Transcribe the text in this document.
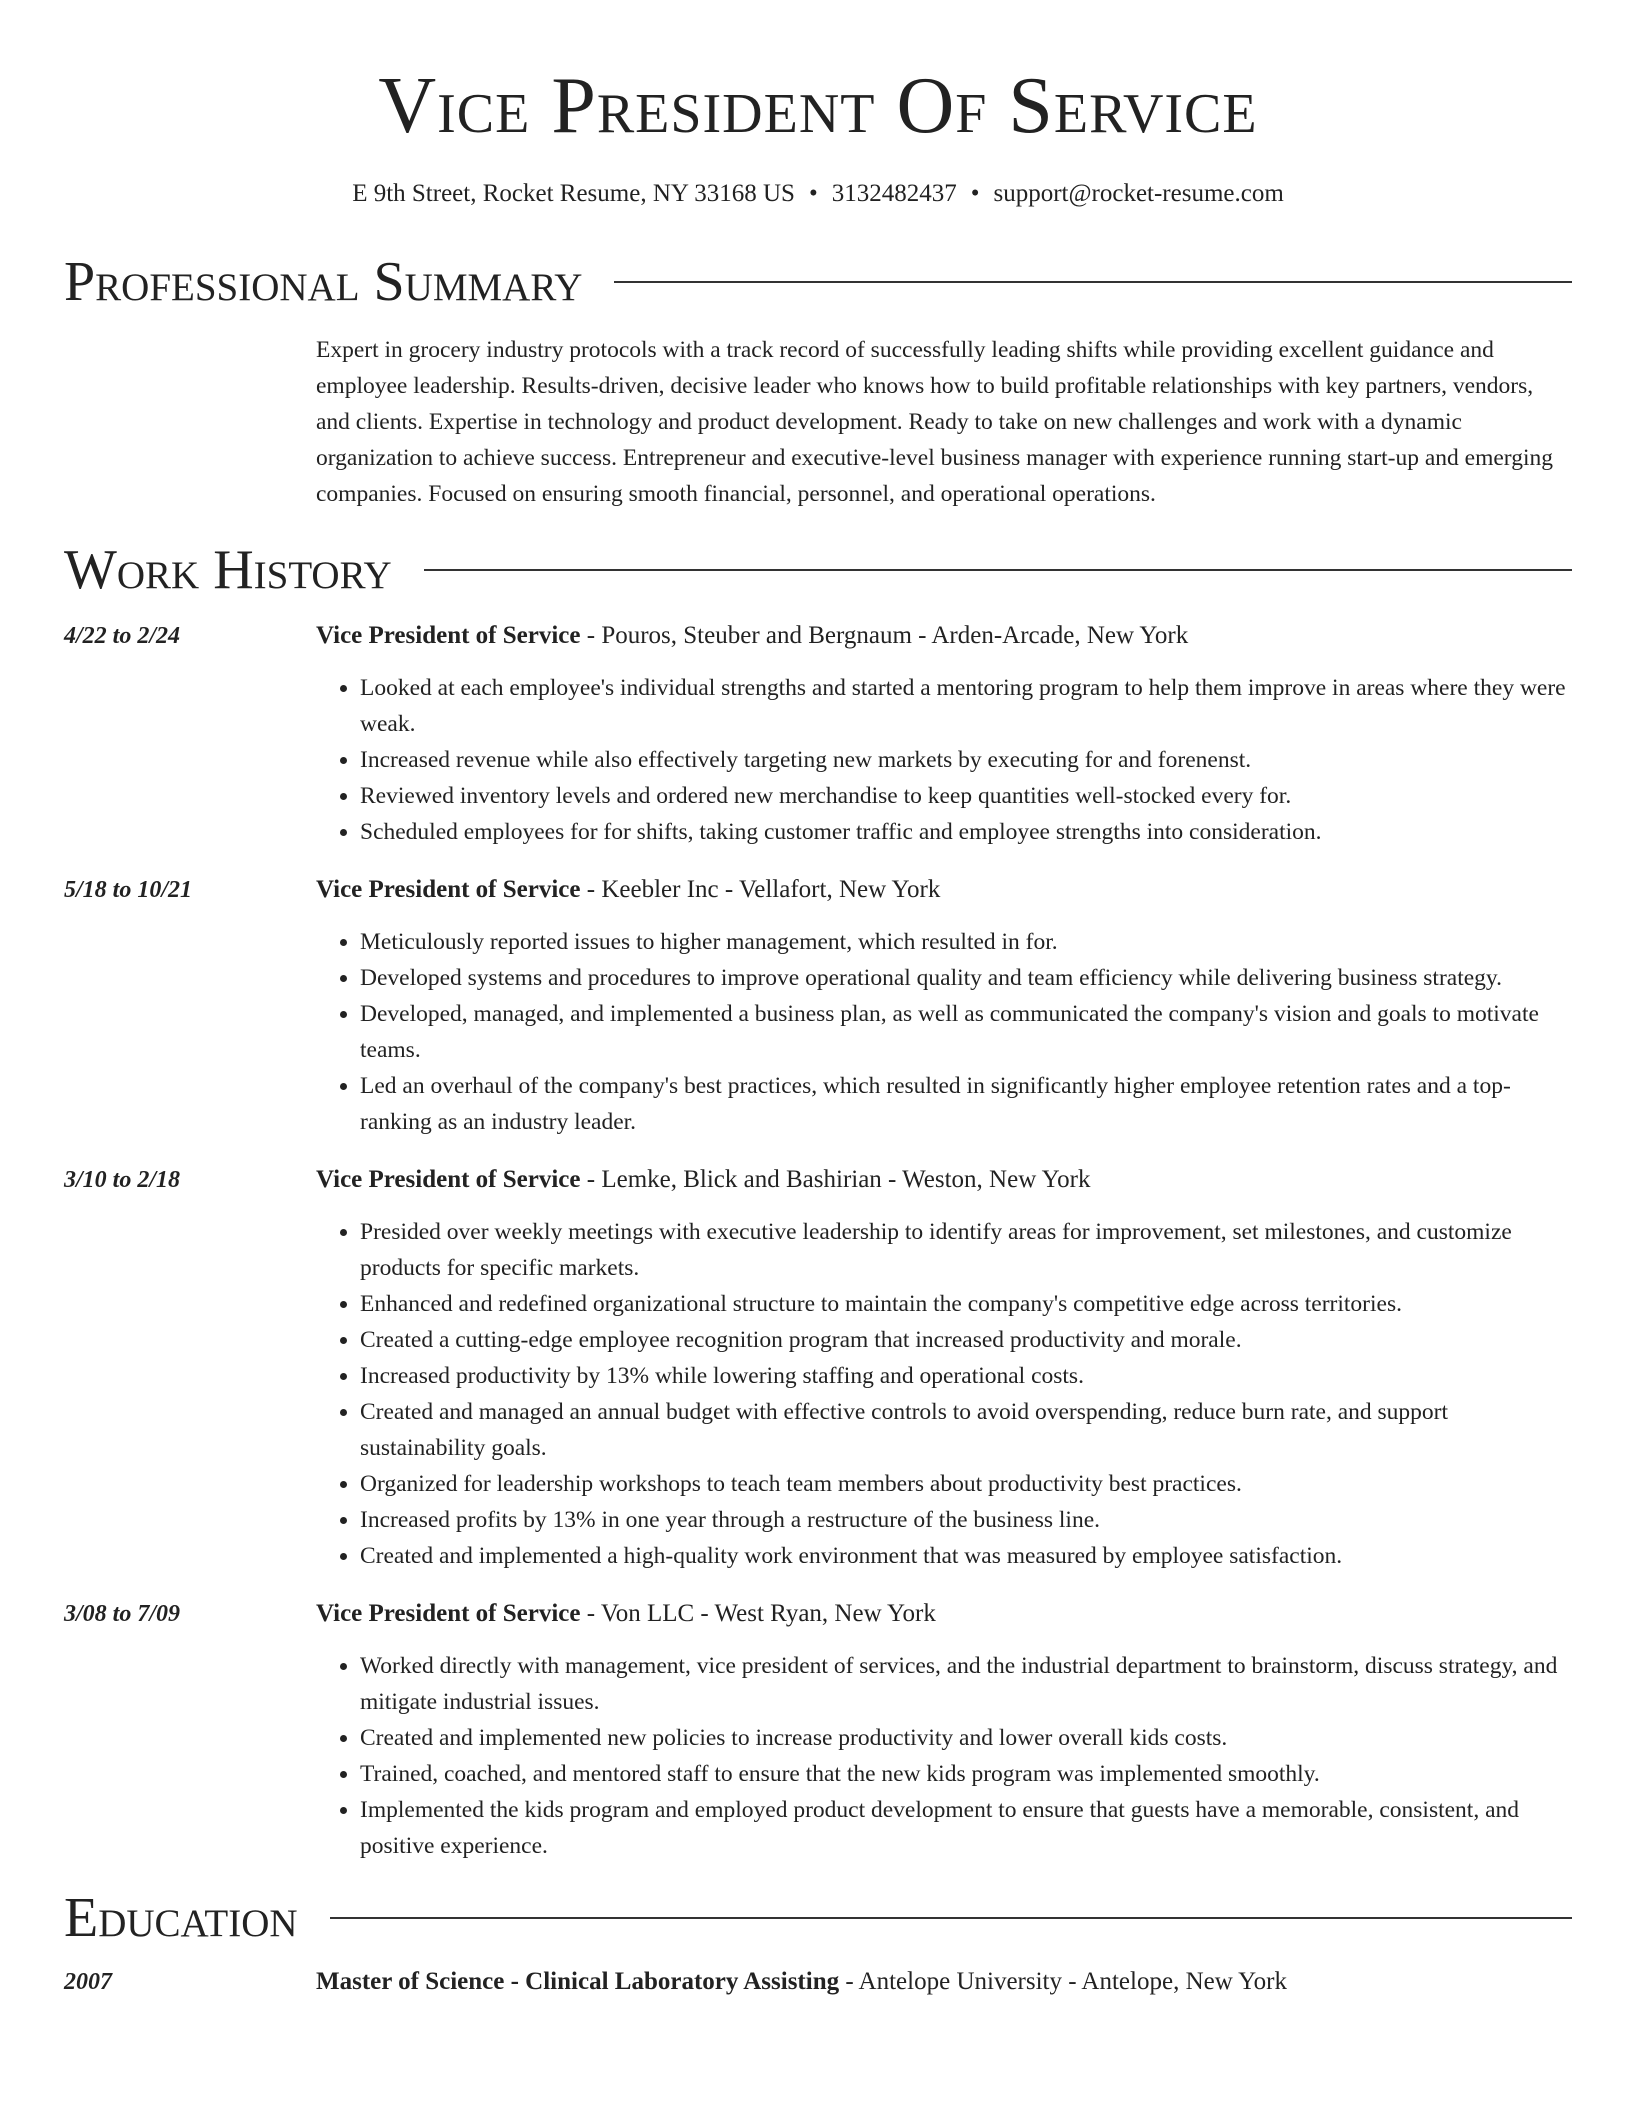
Vice President Of Service
E 9th Street, Rocket Resume, NY 33168 US • 3132482437 • support@rocket-resume.com
Professional Summary
Expert in grocery industry protocols with a track record of successfully leading shifts while providing excellent guidance and employee leadership. Results-driven, decisive leader who knows how to build profitable relationships with key partners, vendors, and clients. Expertise in technology and product development. Ready to take on new challenges and work with a dynamic organization to achieve success. Entrepreneur and executive-level business manager with experience running start-up and emerging companies. Focused on ensuring smooth financial, personnel, and operational operations.
Work History
4/22 to 2/24	Vice President of Service - Pouros, Steuber and Bergnaum - Arden-Arcade, New York
• Looked at each employee's individual strengths and started a mentoring program to help them improve in areas where they were weak.
• Increased revenue while also effectively targeting new markets by executing for and forenenst.
• Reviewed inventory levels and ordered new merchandise to keep quantities well-stocked every for.
• Scheduled employees for for shifts, taking customer traffic and employee strengths into consideration.
5/18 to 10/21	Vice President of Service - Keebler Inc - Vellafort, New York
• Meticulously reported issues to higher management, which resulted in for.
• Developed systems and procedures to improve operational quality and team efficiency while delivering business strategy.
• Developed, managed, and implemented a business plan, as well as communicated the company's vision and goals to motivate teams.
• Led an overhaul of the company's best practices, which resulted in significantly higher employee retention rates and a top-ranking as an industry leader.
3/10 to 2/18	Vice President of Service - Lemke, Blick and Bashirian - Weston, New York
• Presided over weekly meetings with executive leadership to identify areas for improvement, set milestones, and customize products for specific markets.
• Enhanced and redefined organizational structure to maintain the company's competitive edge across territories.
• Created a cutting-edge employee recognition program that increased productivity and morale.
• Increased productivity by 13% while lowering staffing and operational costs.
• Created and managed an annual budget with effective controls to avoid overspending, reduce burn rate, and support sustainability goals.
• Organized for leadership workshops to teach team members about productivity best practices.
• Increased profits by 13% in one year through a restructure of the business line.
• Created and implemented a high-quality work environment that was measured by employee satisfaction.
3/08 to 7/09	Vice President of Service - Von LLC - West Ryan, New York
• Worked directly with management, vice president of services, and the industrial department to brainstorm, discuss strategy, and mitigate industrial issues.
• Created and implemented new policies to increase productivity and lower overall kids costs.
• Trained, coached, and mentored staff to ensure that the new kids program was implemented smoothly.
• Implemented the kids program and employed product development to ensure that guests have a memorable, consistent, and positive experience.
Education
2007	Master of Science - Clinical Laboratory Assisting - Antelope University - Antelope, New York
